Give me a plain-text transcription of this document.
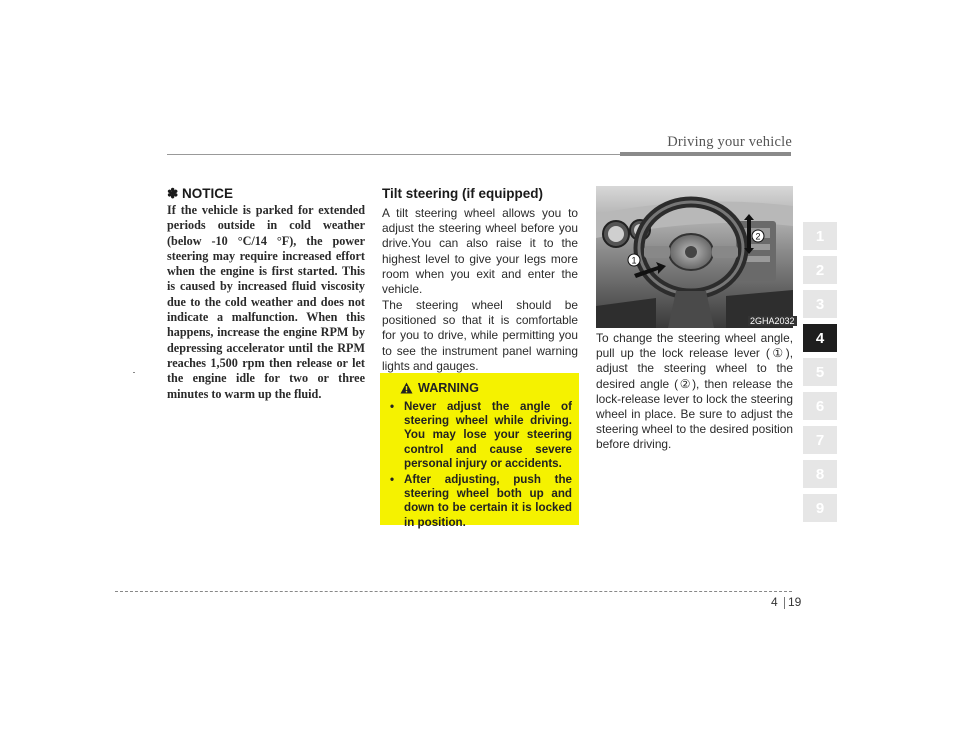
Driving your vehicle
✽ NOTICE
If the vehicle is parked for extended periods outside in cold weather (below -10 °C/14 °F), the power steering may require increased effort when the engine is first started. This is caused by increased fluid viscosity due to the cold weather and does not indicate a malfunction. When this happens, increase the engine RPM by depressing accelerator until the RPM reaches 1,500 rpm then release or let the engine idle for two or three minutes to warm up the fluid.
Tilt steering (if equipped)
A tilt steering wheel allows you to adjust the steering wheel before you drive.You can also raise it to the highest level to give your legs more room when you exit and enter the vehicle.
The steering wheel should be positioned so that it is comfortable for you to drive, while permitting you to see the instrument panel warning lights and gauges.
WARNING
• Never adjust the angle of steering wheel while driving. You may lose your steering control and cause severe personal injury or accidents.
• After adjusting, push the steering wheel both up and down to be certain it is locked in position.
1
2
2GHA2032
To change the steering wheel angle, pull up the lock release lever (①), adjust the steering wheel to the desired angle (②), then release the lock-release lever to lock the steering wheel in place. Be sure to adjust the steering wheel to the desired position before driving.
1
2
3
4
5
6
7
8
9
4 19
